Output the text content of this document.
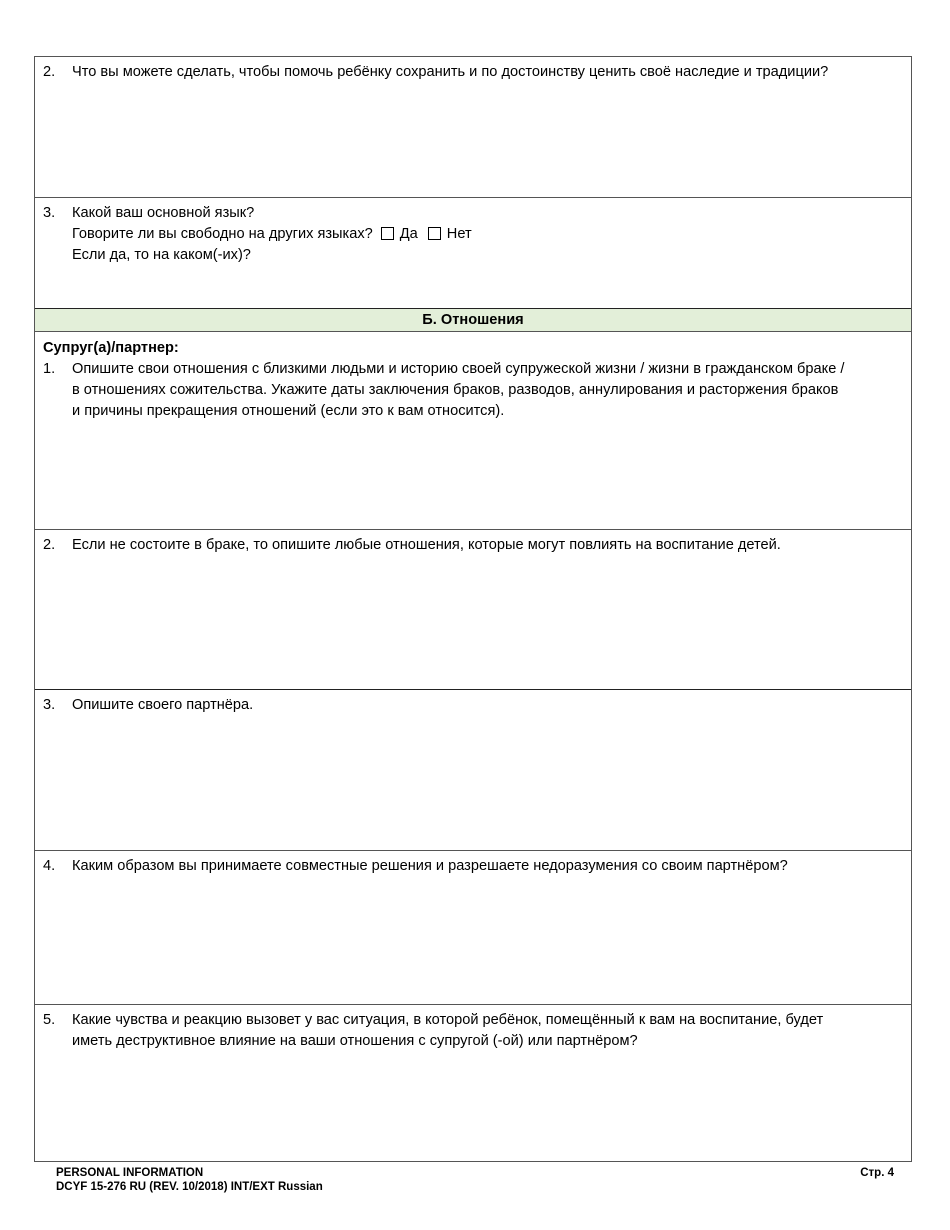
2.	Что вы можете сделать, чтобы помочь ребёнку сохранить и по достоинству ценить своё наследие и традиции?
3.	Какой ваш основной язык?
Говорите ли вы свободно на других языках? Да Нет
Если да, то на каком(-их)?
Б. Отношения
Супруг(а)/партнер:
1.	Опишите свои отношения с близкими людьми и историю своей супружеской жизни / жизни в гражданском браке /
в отношениях сожительства. Укажите даты заключения браков, разводов, аннулирования и расторжения браков
и причины прекращения отношений (если это к вам относится).
2.	Если не состоите в браке, то опишите любые отношения, которые могут повлиять на воспитание детей.
3.	Опишите своего партнёра.
4.	Каким образом вы принимаете совместные решения и разрешаете недоразумения со своим партнёром?
5.	Какие чувства и реакцию вызовет у вас ситуация, в которой ребёнок, помещённый к вам на воспитание, будет
иметь деструктивное влияние на ваши отношения с супругой (-ой) или партнёром?
PERSONAL INFORMATION
DCYF 15-276 RU (REV. 10/2018) INT/EXT Russian
Стр. 4
